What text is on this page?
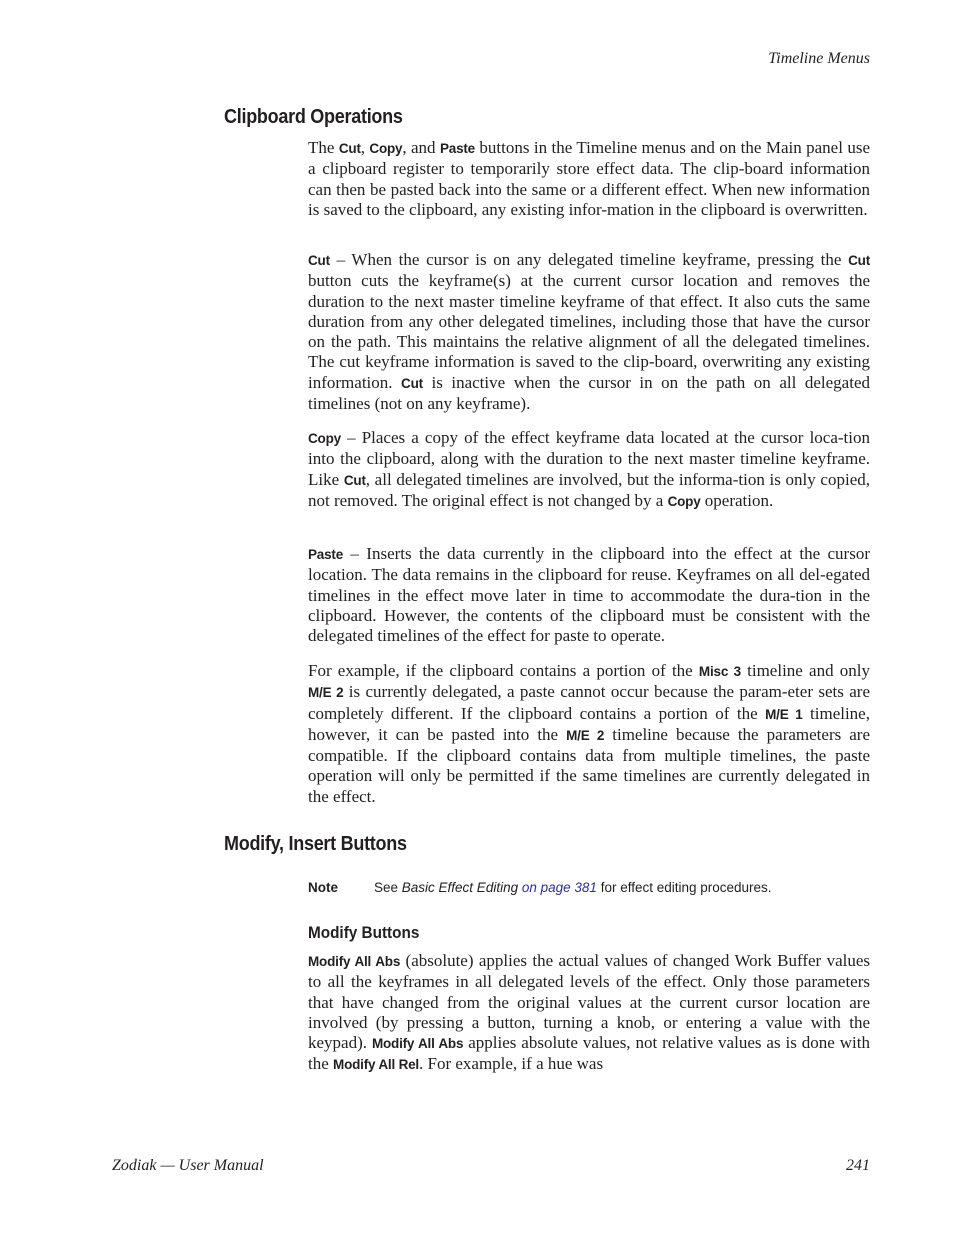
Timeline Menus
Clipboard Operations

The Cut, Copy, and Paste buttons in the Timeline menus and on the Main panel use a clipboard register to temporarily store effect data. The clip-board information can then be pasted back into the same or a different effect. When new information is saved to the clipboard, any existing infor-mation in the clipboard is overwritten.

Cut – When the cursor is on any delegated timeline keyframe, pressing the Cut button cuts the keyframe(s) at the current cursor location and removes the duration to the next master timeline keyframe of that effect. It also cuts the same duration from any other delegated timelines, including those that have the cursor on the path. This maintains the relative alignment of all the delegated timelines. The cut keyframe information is saved to the clip-board, overwriting any existing information. Cut is inactive when the cursor in on the path on all delegated timelines (not on any keyframe).

Copy – Places a copy of the effect keyframe data located at the cursor loca-tion into the clipboard, along with the duration to the next master timeline keyframe. Like Cut, all delegated timelines are involved, but the informa-tion is only copied, not removed. The original effect is not changed by a Copy operation.

Paste – Inserts the data currently in the clipboard into the effect at the cursor location. The data remains in the clipboard for reuse. Keyframes on all del-egated timelines in the effect move later in time to accommodate the dura-tion in the clipboard. However, the contents of the clipboard must be consistent with the delegated timelines of the effect for paste to operate.

For example, if the clipboard contains a portion of the Misc 3 timeline and only M/E 2 is currently delegated, a paste cannot occur because the param-eter sets are completely different. If the clipboard contains a portion of the M/E 1 timeline, however, it can be pasted into the M/E 2 timeline because the parameters are compatible. If the clipboard contains data from multiple timelines, the paste operation will only be permitted if the same timelines are currently delegated in the effect.

Modify, Insert Buttons
Note	See Basic Effect Editing on page 381 for effect editing procedures.
Modify Buttons

Modify All Abs (absolute) applies the actual values of changed Work Buffer values to all the keyframes in all delegated levels of the effect. Only those parameters that have changed from the original values at the current cursor location are involved (by pressing a button, turning a knob, or entering a value with the keypad). Modify All Abs applies absolute values, not relative values as is done with the Modify All Rel. For example, if a hue was

Zodiak — User Manual	241
